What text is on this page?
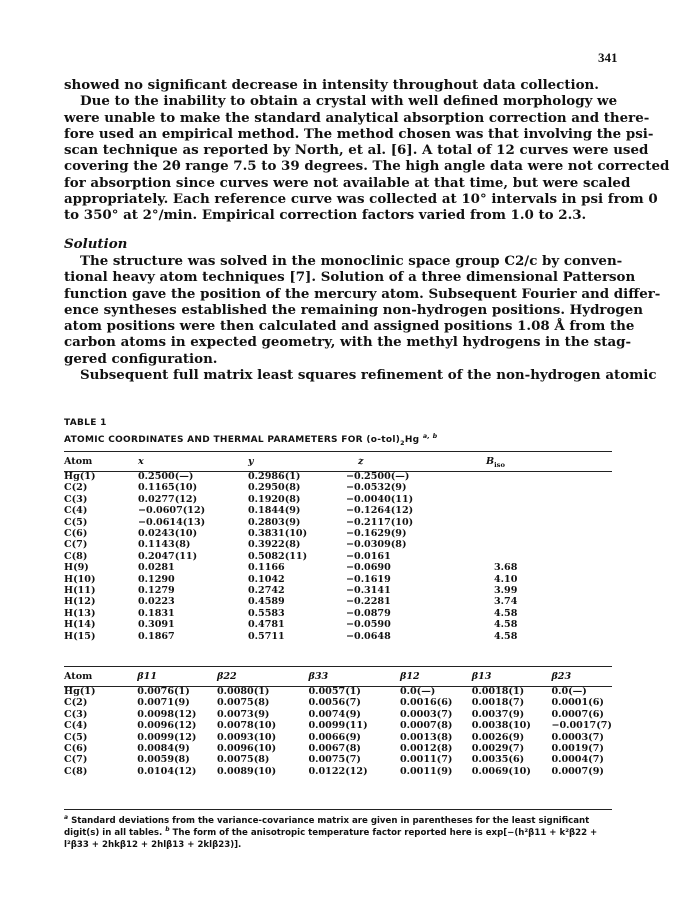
341
showed no significant decrease in intensity throughout data collection.
Due to the inability to obtain a crystal with well defined morphology we
were unable to make the standard analytical absorption correction and there-
fore used an empirical method. The method chosen was that involving the psi-
scan technique as reported by North, et al. [6]. A total of 12 curves were used
covering the 2θ range 7.5 to 39 degrees. The high angle data were not corrected
for absorption since curves were not available at that time, but were scaled
appropriately. Each reference curve was collected at 10° intervals in psi from 0
to 350° at 2°/min. Empirical correction factors varied from 1.0 to 2.3.
Solution
The structure was solved in the monoclinic space group C2/c by conven-
tional heavy atom techniques [7]. Solution of a three dimensional Patterson
function gave the position of the mercury atom. Subsequent Fourier and differ-
ence syntheses established the remaining non-hydrogen positions. Hydrogen
atom positions were then calculated and assigned positions 1.08 Å from the
carbon atoms in expected geometry, with the methyl hydrogens in the stag-
gered configuration.
Subsequent full matrix least squares refinement of the non-hydrogen atomic
TABLE 1
ATOMIC COORDINATES AND THERMAL PARAMETERS FOR $(o-tol)_2Hg$ $^{a, b}$
Atom	x	y	z	$B_{iso}$
Hg(1)	0.2500(—)	0.2986(1)	−0.2500(—)	
C(2)	0.1165(10)	0.2950(8)	−0.0532(9)	
C(3)	0.0277(12)	0.1920(8)	−0.0040(11)	
C(4)	−0.0607(12)	0.1844(9)	−0.1264(12)	
C(5)	−0.0614(13)	0.2803(9)	−0.2117(10)	
C(6)	0.0243(10)	0.3831(10)	−0.1629(9)	
C(7)	0.1143(8)	0.3922(8)	−0.0309(8)	
C(8)	0.2047(11)	0.5082(11)	−0.0161	
H(9)	0.0281	0.1166	−0.0690	3.68
H(10)	0.1290	0.1042	−0.1619	4.10
H(11)	0.1279	0.2742	−0.3141	3.99
H(12)	0.0223	0.4589	−0.2281	3.74
H(13)	0.1831	0.5583	−0.0879	4.58
H(14)	0.3091	0.4781	−0.0590	4.58
H(15)	0.1867	0.5711	−0.0648	4.58
Atom	β11	β22	β33	β12	β13	β23
Hg(1)	0.0076(1)	0.0080(1)	0.0057(1)	0.0(—)	0.0018(1)	0.0(—)
C(2)	0.0071(9)	0.0075(8)	0.0056(7)	0.0016(6)	0.0018(7)	0.0001(6)
C(3)	0.0098(12)	0.0073(9)	0.0074(9)	0.0003(7)	0.0037(9)	0.0007(6)
C(4)	0.0096(12)	0.0078(10)	0.0099(11)	0.0007(8)	0.0038(10)	−0.0017(7)
C(5)	0.0099(12)	0.0093(10)	0.0066(9)	0.0013(8)	0.0026(9)	0.0003(7)
C(6)	0.0084(9)	0.0096(10)	0.0067(8)	0.0012(8)	0.0029(7)	0.0019(7)
C(7)	0.0059(8)	0.0075(8)	0.0075(7)	0.0011(7)	0.0035(6)	0.0004(7)
C(8)	0.0104(12)	0.0089(10)	0.0122(12)	0.0011(9)	0.0069(10)	0.0007(9)
$^a$ Standard deviations from the variance-covariance matrix are given in parentheses for the least significant digit(s) in all tables. $^b$ The form of the anisotropic temperature factor reported here is exp[−(h²β11 + k²β22 + l²β33 + 2hkβ12 + 2hlβ13 + 2klβ23)].
